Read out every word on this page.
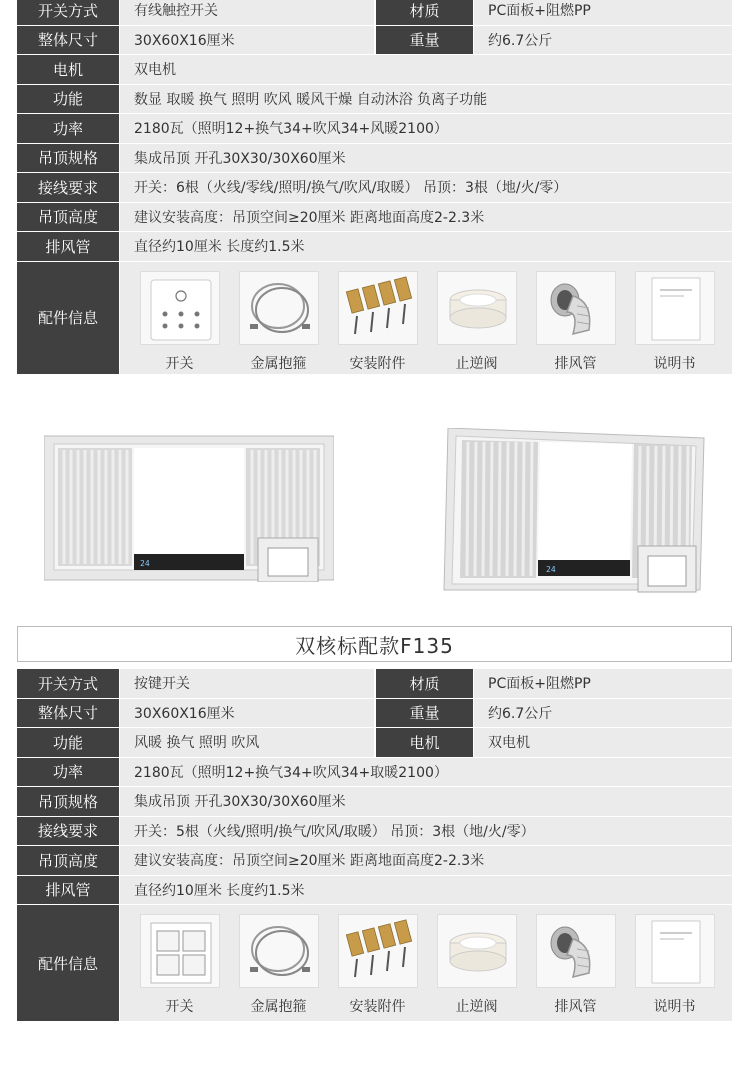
开关方式	有线触控开关	材质	PC面板+阻燃PP
整体尺寸	30X60X16厘米	重量	约6.7公斤
电机	双电机
功能	数显 取暖 换气 照明 吹风 暖风干燥 自动沐浴 负离子功能
功率	2180瓦（照明12+换气34+吹风34+风暖2100）
吊顶规格	集成吊顶 开孔30X30/30X60厘米
接线要求	开关：6根（火线/零线/照明/换气/吹风/取暖） 吊顶：3根（地/火/零）
吊顶高度	建议安装高度：吊顶空间≥20厘米 距离地面高度2-2.3米
排风管	直径约10厘米 长度约1.5米
配件信息
开关	金属抱箍	安装附件	止逆阀	排风管	说明书
24
24
双核标配款F135
开关方式	按键开关	材质	PC面板+阻燃PP
整体尺寸	30X60X16厘米	重量	约6.7公斤
功能	风暖 换气 照明 吹风	电机	双电机
功率	2180瓦（照明12+换气34+吹风34+取暖2100）
吊顶规格	集成吊顶 开孔30X30/30X60厘米
接线要求	开关：5根（火线/照明/换气/吹风/取暖） 吊顶：3根（地/火/零）
吊顶高度	建议安装高度：吊顶空间≥20厘米 距离地面高度2-2.3米
排风管	直径约10厘米 长度约1.5米
配件信息
开关	金属抱箍	安装附件	止逆阀	排风管	说明书
